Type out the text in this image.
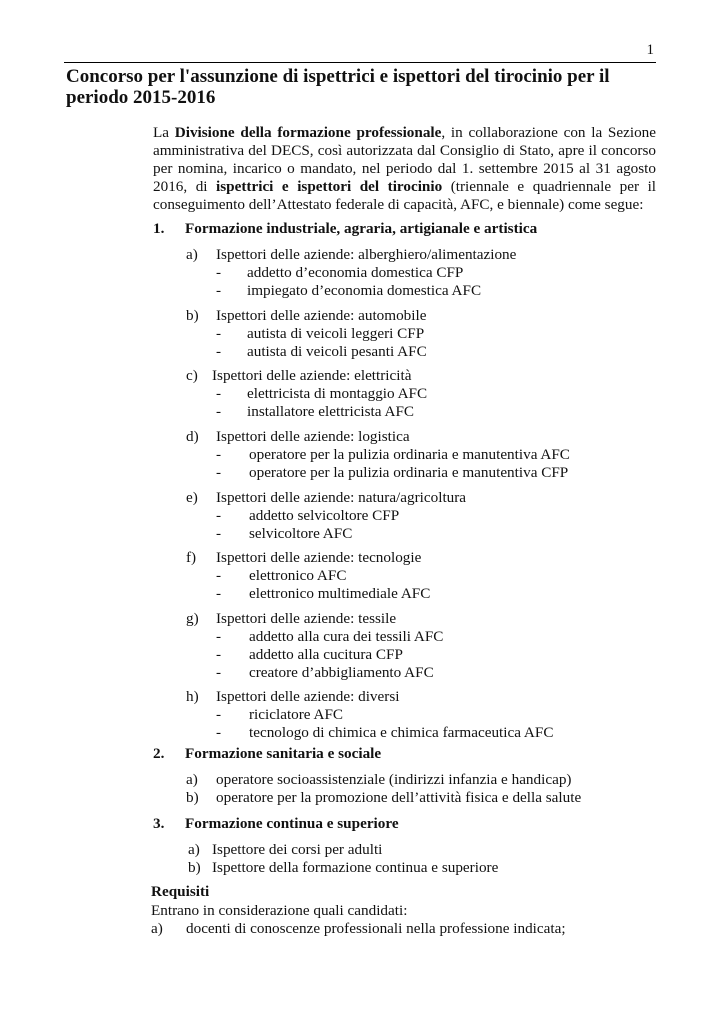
1
Concorso per l'assunzione di ispettrici e ispettori del tirocinio per il periodo 2015-2016

La Divisione della formazione professionale, in collaborazione con la Sezione amministrativa del DECS, così autorizzata dal Consiglio di Stato, apre il concorso per nomina, incarico o mandato, nel periodo dal 1. settembre 2015 al 31 agosto 2016, di ispettrici e ispettori del tirocinio (triennale e quadriennale per il conseguimento dell’Attestato federale di capacità, AFC, e biennale) come segue:

1. Formazione industriale, agraria, artigianale e artistica
a) Ispettori delle aziende: alberghiero/alimentazione
- addetto d’economia domestica CFP
- impiegato d’economia domestica AFC
b) Ispettori delle aziende: automobile
- autista di veicoli leggeri CFP
- autista di veicoli pesanti AFC
c) Ispettori delle aziende: elettricità
- elettricista di montaggio AFC
- installatore elettricista AFC
d) Ispettori delle aziende: logistica
- operatore per la pulizia ordinaria e manutentiva AFC
- operatore per la pulizia ordinaria e manutentiva CFP
e) Ispettori delle aziende: natura/agricoltura
- addetto selvicoltore CFP
- selvicoltore AFC
f) Ispettori delle aziende: tecnologie
- elettronico AFC
- elettronico multimediale AFC
g) Ispettori delle aziende: tessile
- addetto alla cura dei tessili AFC
- addetto alla cucitura CFP
- creatore d’abbigliamento AFC
h) Ispettori delle aziende: diversi
- riciclatore AFC
- tecnologo di chimica e chimica farmaceutica AFC
2. Formazione sanitaria e sociale
a) operatore socioassistenziale (indirizzi infanzia e handicap)
b) operatore per la promozione dell’attività fisica e della salute
3. Formazione continua e superiore
a) Ispettore dei corsi per adulti
b) Ispettore della formazione continua e superiore
Requisiti
Entrano in considerazione quali candidati:
a) docenti di conoscenze professionali nella professione indicata;
